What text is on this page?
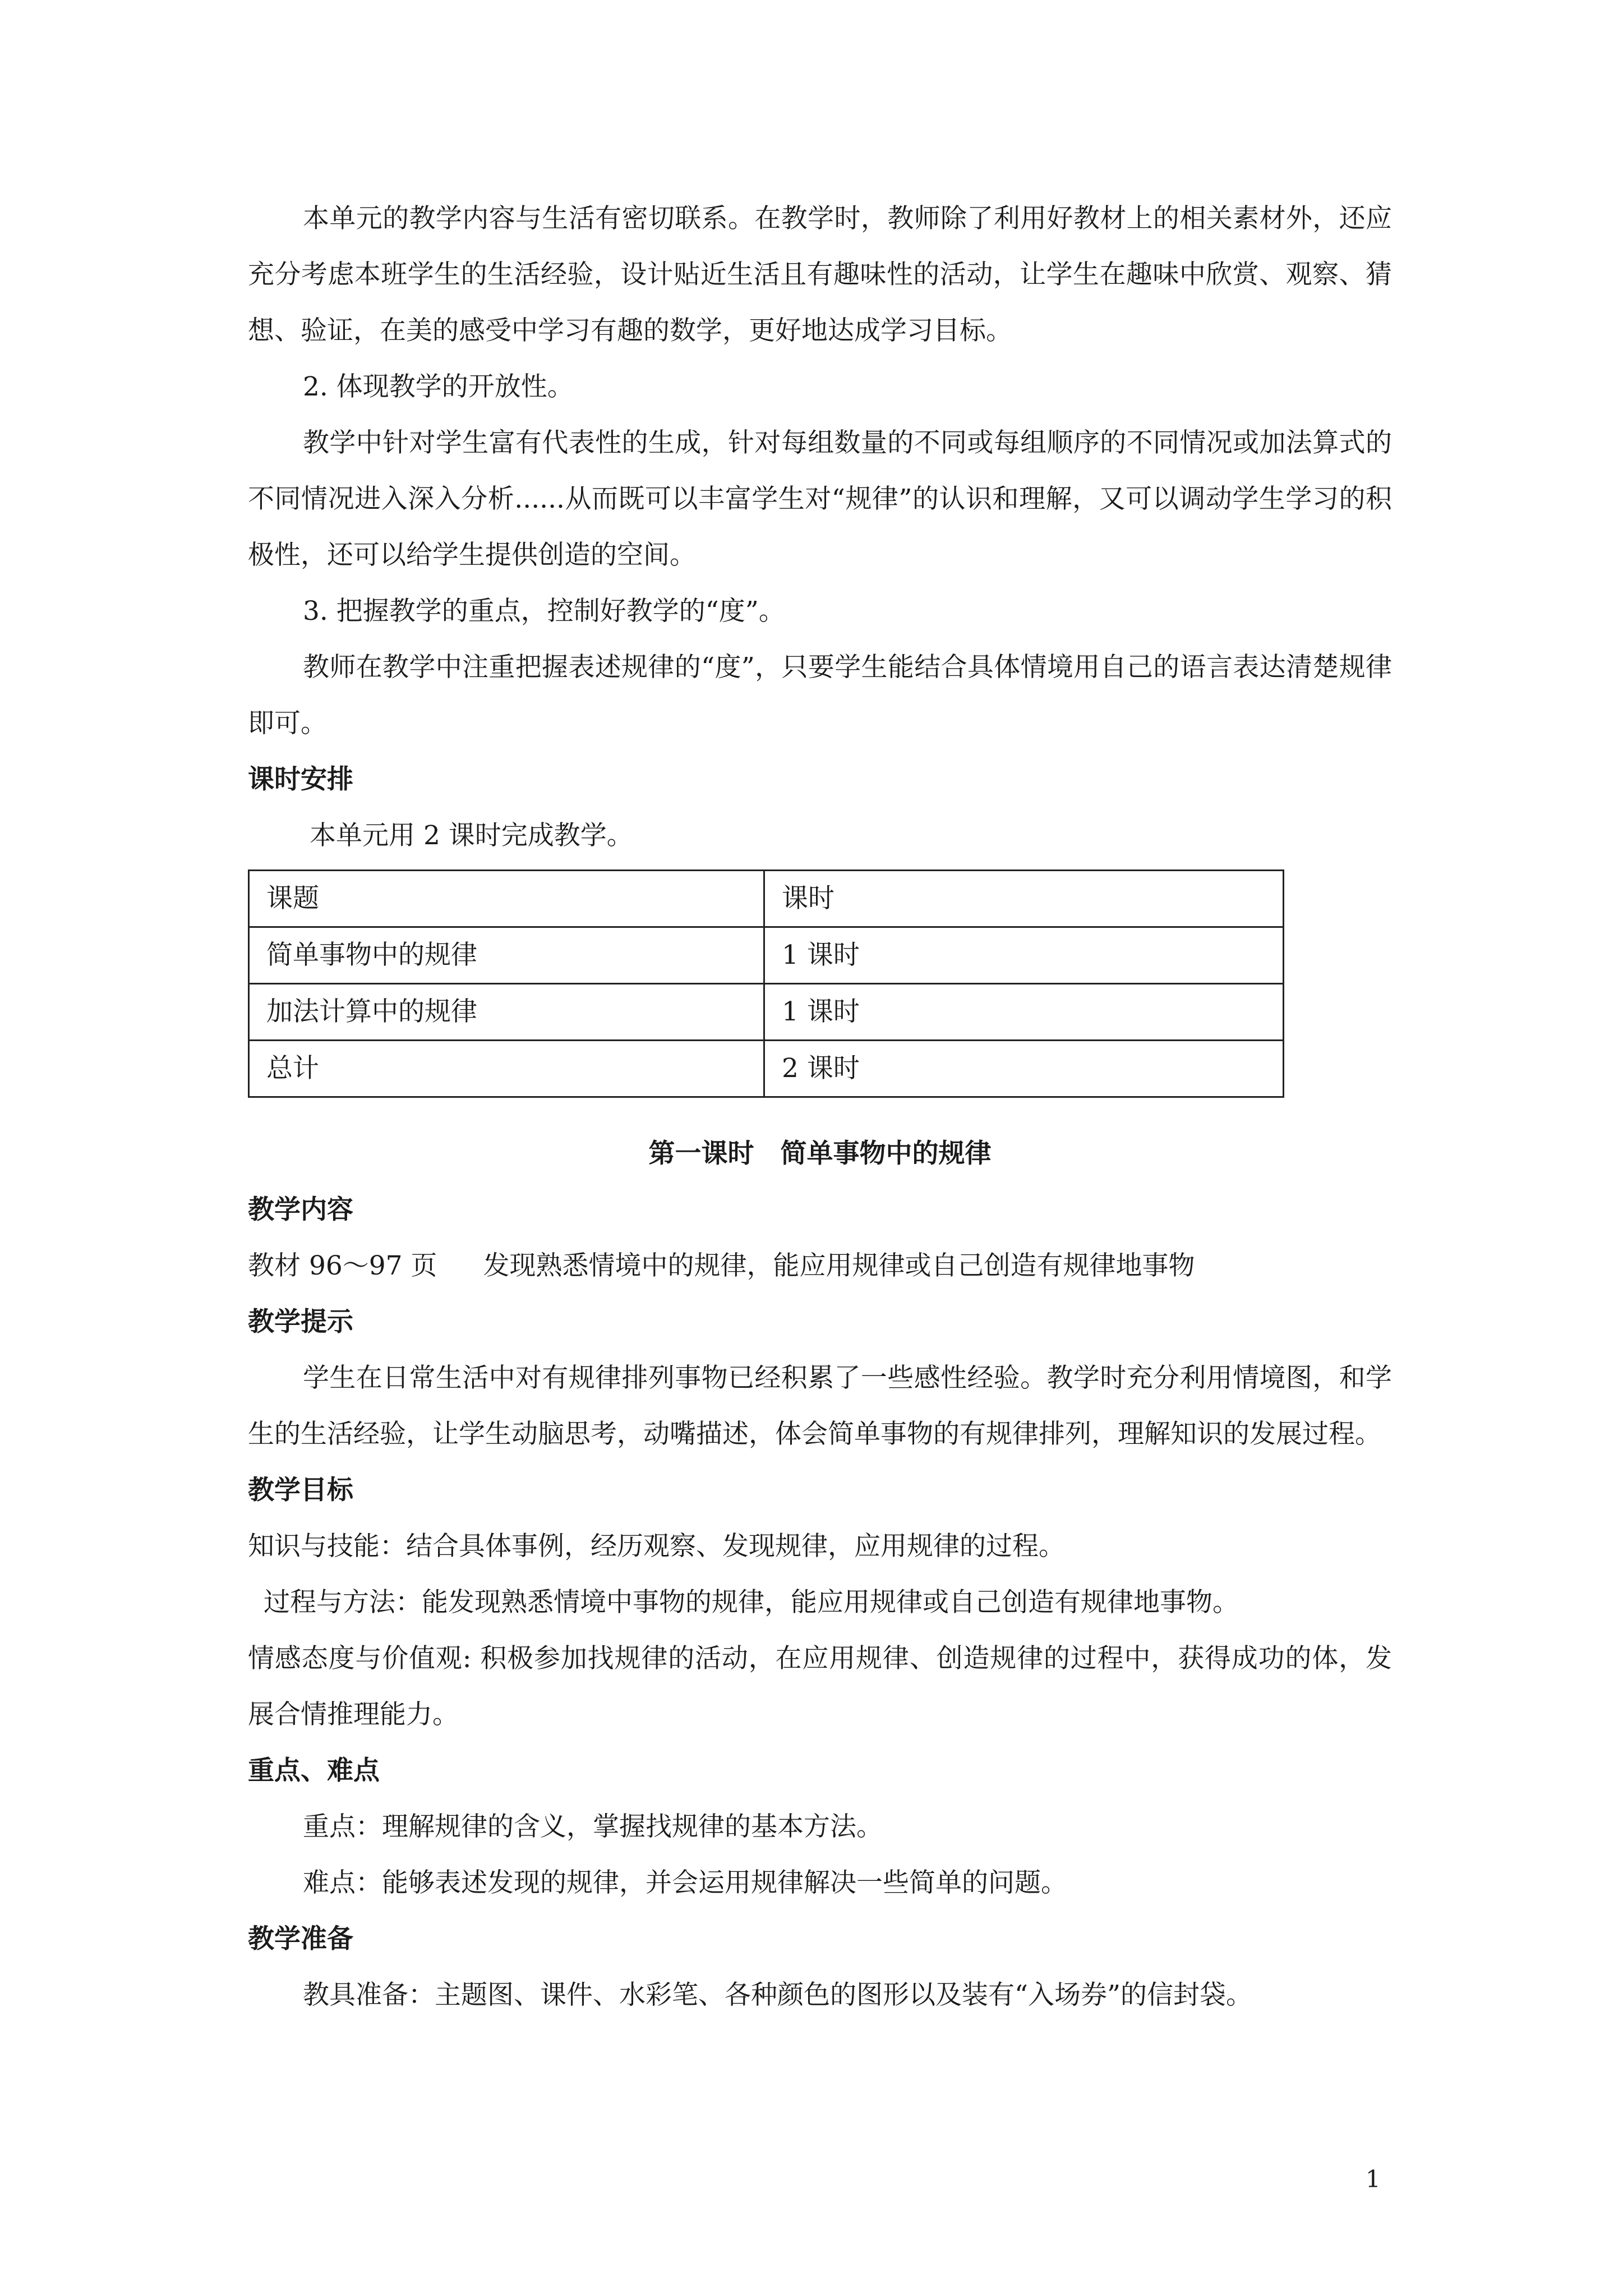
本单元的教学内容与生活有密切联系。在教学时，教师除了利用好教材上的相关素材外，还应充分考虑本班学生的生活经验，设计贴近生活且有趣味性的活动，让学生在趣味中欣赏、观察、猜想、验证，在美的感受中学习有趣的数学，更好地达成学习目标。

2. 体现教学的开放性。

教学中针对学生富有代表性的生成，针对每组数量的不同或每组顺序的不同情况或加法算式的不同情况进入深入分析......从而既可以丰富学生对“规律”的认识和理解，又可以调动学生学习的积极性，还可以给学生提供创造的空间。

3. 把握教学的重点，控制好教学的“度”。

教师在教学中注重把握表述规律的“度”，只要学生能结合具体情境用自己的语言表达清楚规律即可。

课时安排

本单元用 2 课时完成教学。

课题	课时
简单事物中的规律	1 课时
加法计算中的规律	1 课时
总计	2 课时

第一课时　简单事物中的规律

教学内容

教材 96～97 页 发现熟悉情境中的规律，能应用规律或自己创造有规律地事物

教学提示

学生在日常生活中对有规律排列事物已经积累了一些感性经验。教学时充分利用情境图，和学生的生活经验，让学生动脑思考，动嘴描述，体会简单事物的有规律排列，理解知识的发展过程。

教学目标

知识与技能：结合具体事例，经历观察、发现规律，应用规律的过程。

过程与方法：能发现熟悉情境中事物的规律，能应用规律或自己创造有规律地事物。

情感态度与价值观: 积极参加找规律的活动，在应用规律、创造规律的过程中，获得成功的体，发展合情推理能力。

重点、难点

重点：理解规律的含义，掌握找规律的基本方法。

难点：能够表述发现的规律，并会运用规律解决一些简单的问题。

教学准备

教具准备：主题图、课件、水彩笔、各种颜色的图形以及装有“入场券”的信封袋。

1
